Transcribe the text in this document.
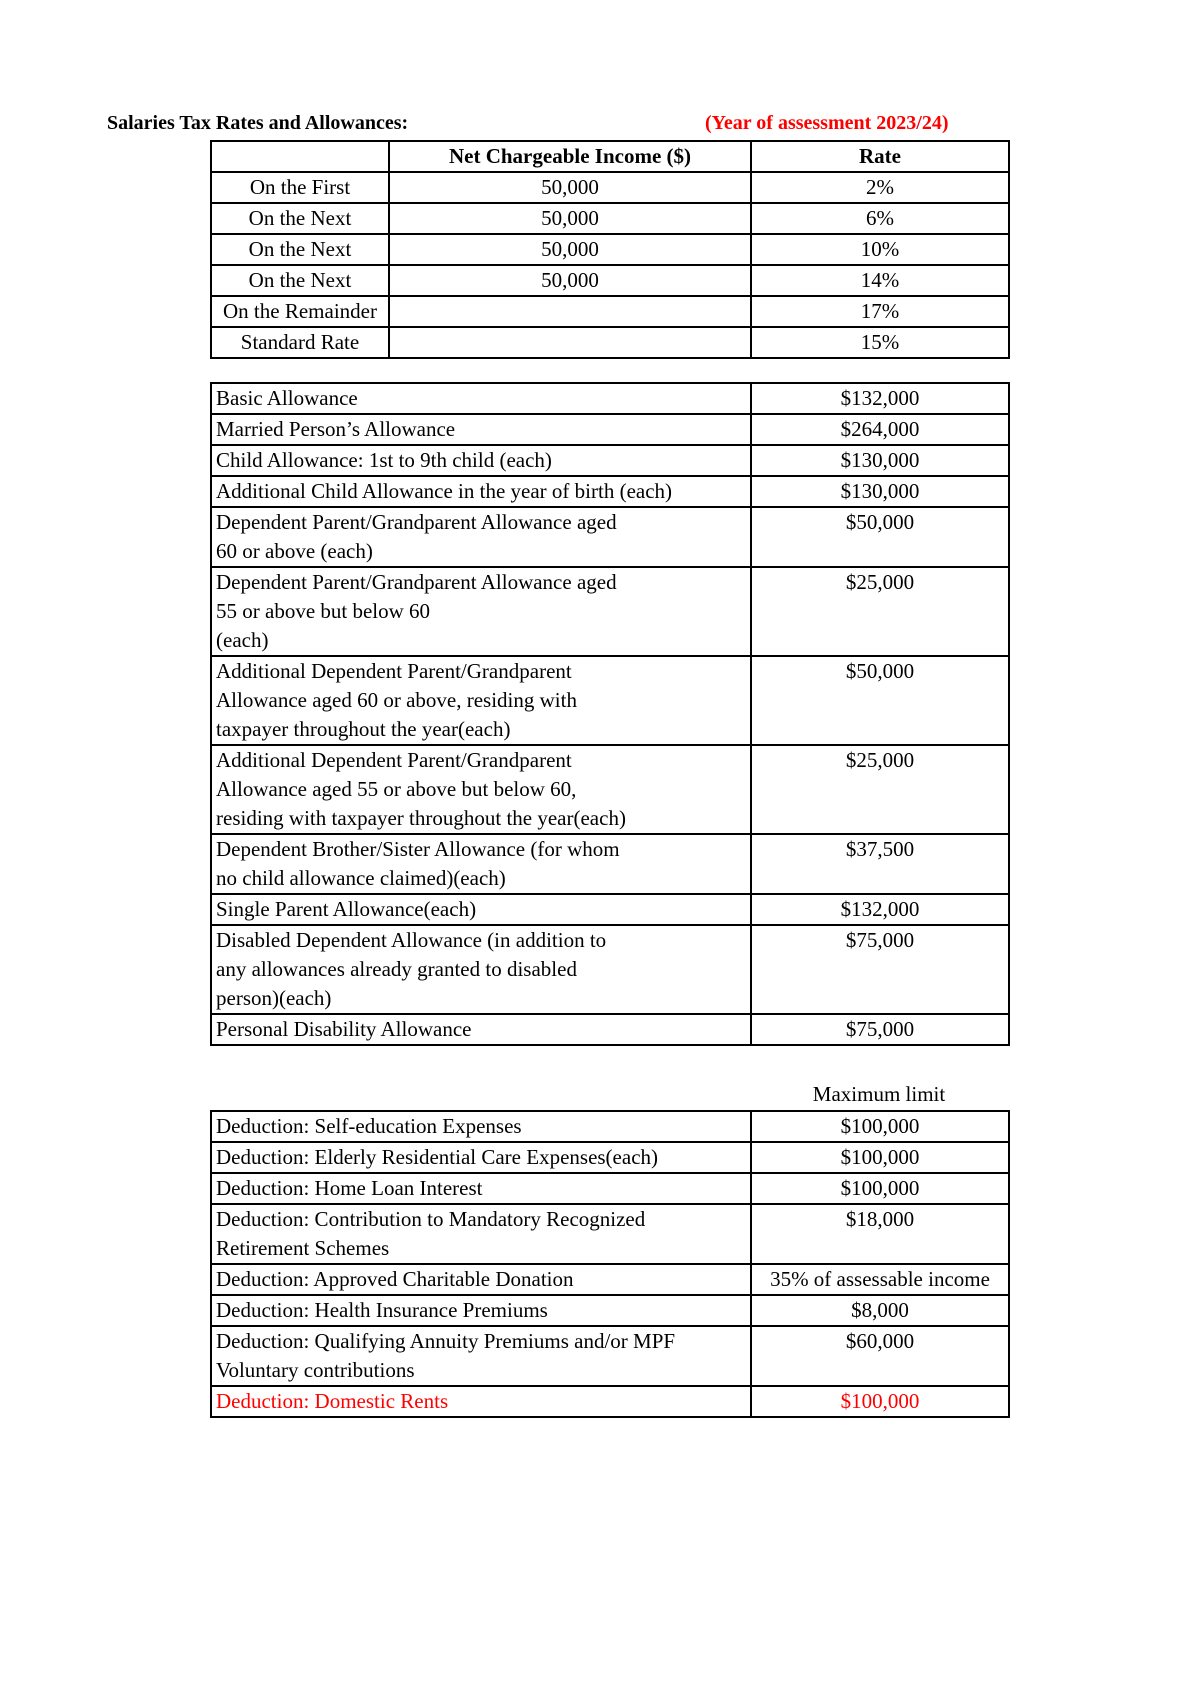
Salaries Tax Rates and Allowances:	(Year of assessment 2023/24)
	Net Chargeable Income ($)	Rate
On the First	50,000	2%
On the Next	50,000	6%
On the Next	50,000	10%
On the Next	50,000	14%
On the Remainder		17%
Standard Rate		15%
Basic Allowance	$132,000
Married Person’s Allowance	$264,000
Child Allowance: 1st to 9th child (each)	$130,000
Additional Child Allowance in the year of birth (each)	$130,000
Dependent Parent/Grandparent Allowance aged
60 or above (each)	$50,000
Dependent Parent/Grandparent Allowance aged
55 or above but below 60
(each)	$25,000
Additional Dependent Parent/Grandparent
Allowance aged 60 or above, residing with
taxpayer throughout the year(each)	$50,000
Additional Dependent Parent/Grandparent
Allowance aged 55 or above but below 60,
residing with taxpayer throughout the year(each)	$25,000
Dependent Brother/Sister Allowance (for whom
no child allowance claimed)(each)	$37,500
Single Parent Allowance(each)	$132,000
Disabled Dependent Allowance (in addition to
any allowances already granted to disabled
person)(each)	$75,000
Personal Disability Allowance	$75,000
Maximum limit
Deduction: Self-education Expenses	$100,000
Deduction: Elderly Residential Care Expenses(each)	$100,000
Deduction: Home Loan Interest	$100,000
Deduction: Contribution to Mandatory Recognized
Retirement Schemes	$18,000
Deduction: Approved Charitable Donation	35% of assessable income
Deduction: Health Insurance Premiums	$8,000
Deduction: Qualifying Annuity Premiums and/or MPF
Voluntary contributions	$60,000
Deduction: Domestic Rents	$100,000
